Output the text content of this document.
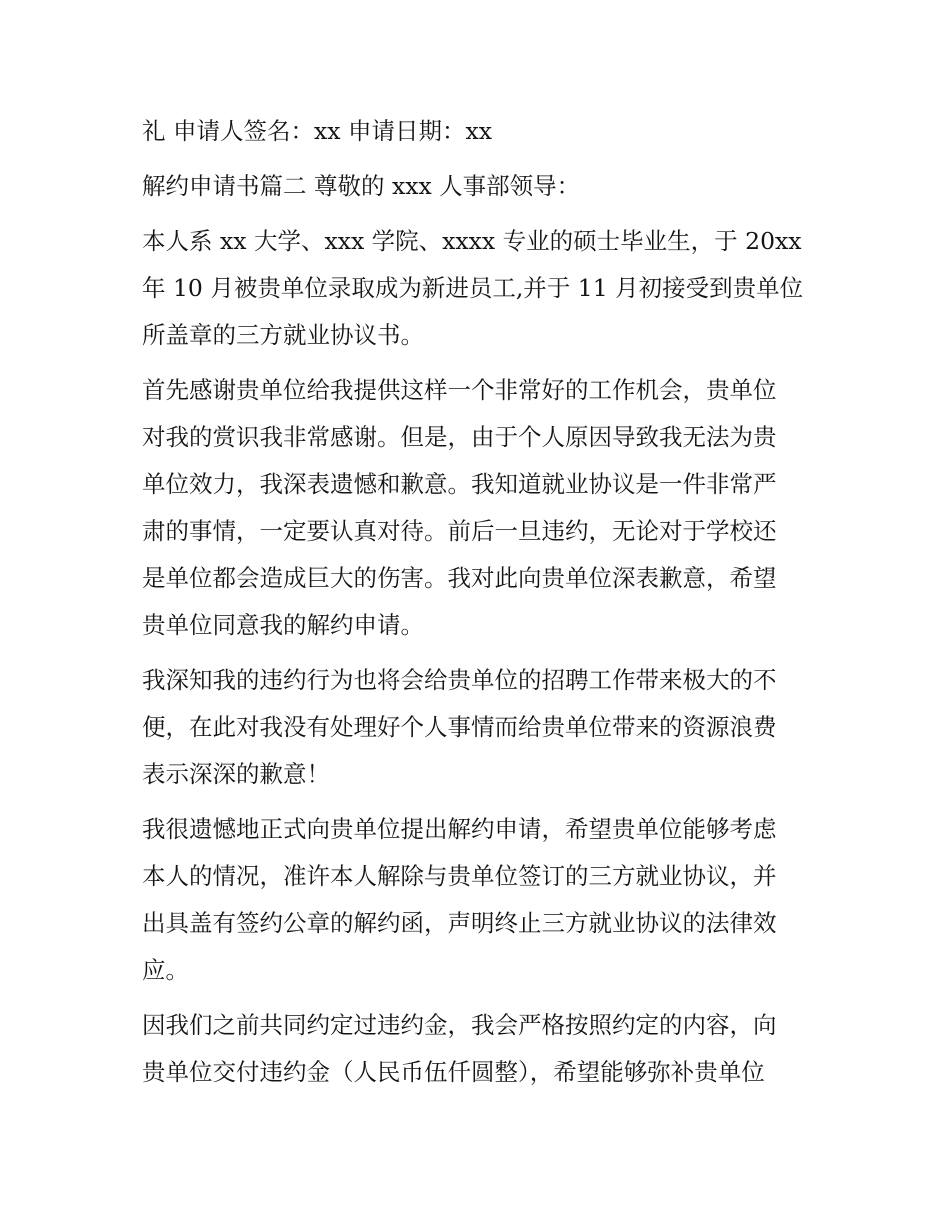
礼 申请人签名：xx 申请日期：xx
解约申请书篇二 尊敬的 xxx 人事部领导：
本人系 xx 大学、xxx 学院、xxxx 专业的硕士毕业生，于 20xx
年 10 月被贵单位录取成为新进员工,并于 11 月初接受到贵单位
所盖章的三方就业协议书。
首先感谢贵单位给我提供这样一个非常好的工作机会，贵单位
对我的赏识我非常感谢。但是，由于个人原因导致我无法为贵
单位效力，我深表遗憾和歉意。我知道就业协议是一件非常严
肃的事情，一定要认真对待。前后一旦违约，无论对于学校还
是单位都会造成巨大的伤害。我对此向贵单位深表歉意，希望
贵单位同意我的解约申请。
我深知我的违约行为也将会给贵单位的招聘工作带来极大的不
便，在此对我没有处理好个人事情而给贵单位带来的资源浪费
表示深深的歉意！
我很遗憾地正式向贵单位提出解约申请，希望贵单位能够考虑
本人的情况，准许本人解除与贵单位签订的三方就业协议，并
出具盖有签约公章的解约函，声明终止三方就业协议的法律效
应。
因我们之前共同约定过违约金，我会严格按照约定的内容，向
贵单位交付违约金（人民币伍仟圆整），希望能够弥补贵单位
